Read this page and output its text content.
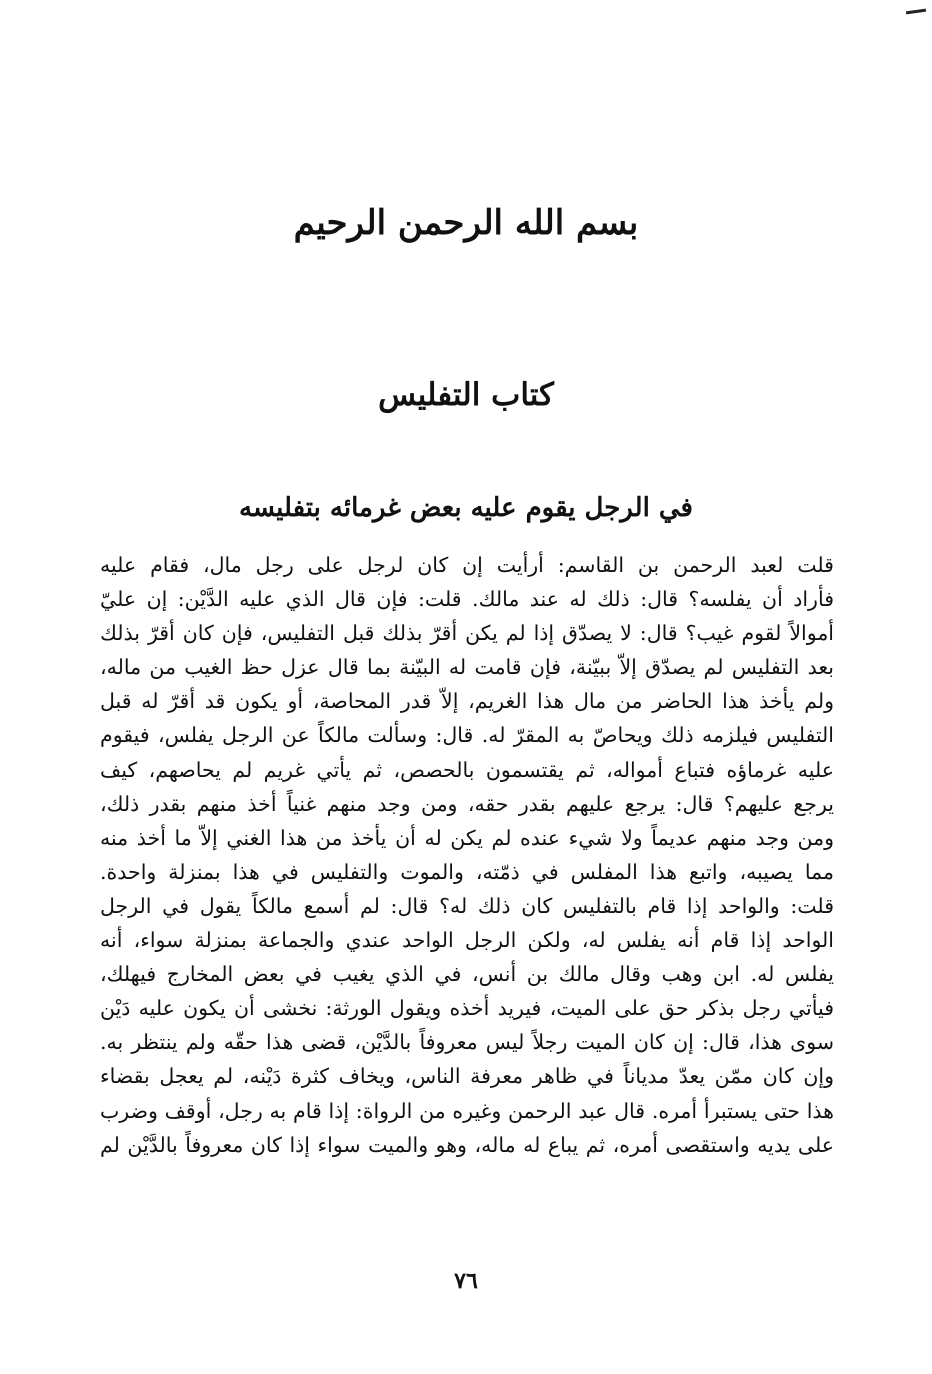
بسم الله الرحمن الرحيم
كتاب التفليس
في الرجل يقوم عليه بعض غرمائه بتفليسه
قلت لعبد الرحمن بن القاسم: أرأيت إن كان لرجل على رجل مال، فقام عليه
فأراد أن يفلسه؟ قال: ذلك له عند مالك. قلت: فإن قال الذي عليه الدَّيْن: إن عليّ
أموالاً لقوم غيب؟ قال: لا يصدّق إذا لم يكن أقرّ بذلك قبل التفليس، فإن كان أقرّ بذلك
بعد التفليس لم يصدّق إلاّ ببيّنة، فإن قامت له البيّنة بما قال عزل حظ الغيب من ماله،
ولم يأخذ هذا الحاضر من مال هذا الغريم، إلاّ قدر المحاصة، أو يكون قد أقرّ له قبل
التفليس فيلزمه ذلك ويحاصّ به المقرّ له. قال: وسألت مالكاً عن الرجل يفلس، فيقوم
عليه غرماؤه فتباع أمواله، ثم يقتسمون بالحصص، ثم يأتي غريم لم يحاصهم، كيف
يرجع عليهم؟ قال: يرجع عليهم بقدر حقه، ومن وجد منهم غنياً أخذ منهم بقدر ذلك،
ومن وجد منهم عديماً ولا شيء عنده لم يكن له أن يأخذ من هذا الغني إلاّ ما أخذ منه
مما يصيبه، واتبع هذا المفلس في ذمّته، والموت والتفليس في هذا بمنزلة واحدة.
قلت: والواحد إذا قام بالتفليس كان ذلك له؟ قال: لم أسمع مالكاً يقول في الرجل
الواحد إذا قام أنه يفلس له، ولكن الرجل الواحد عندي والجماعة بمنزلة سواء، أنه
يفلس له. ابن وهب وقال مالك بن أنس، في الذي يغيب في بعض المخارج فيهلك،
فيأتي رجل بذكر حق على الميت، فيريد أخذه ويقول الورثة: نخشى أن يكون عليه دَيْن
سوى هذا، قال: إن كان الميت رجلاً ليس معروفاً بالدَّيْن، قضى هذا حقّه ولم ينتظر به.
وإن كان ممّن يعدّ مدياناً في ظاهر معرفة الناس، ويخاف كثرة دَيْنه، لم يعجل بقضاء
هذا حتى يستبرأ أمره. قال عبد الرحمن وغيره من الرواة: إذا قام به رجل، أوقف وضرب
على يديه واستقصى أمره، ثم يباع له ماله، وهو والميت سواء إذا كان معروفاً بالدَّيْن لم
٧٦
